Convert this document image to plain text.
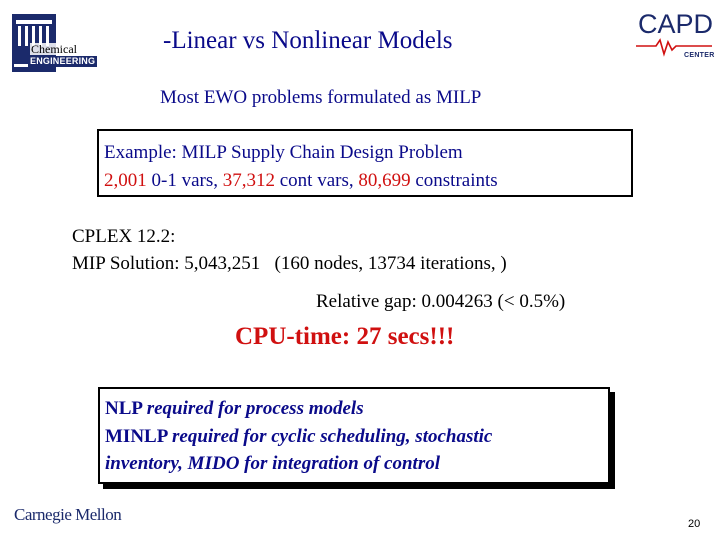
Chemical
ENGINEERING
CAPD
CENTER
-Linear vs Nonlinear Models
Most EWO problems formulated as MILP
Example: MILP Supply Chain Design Problem
2,001 0-1 vars, 37,312 cont vars, 80,699 constraints
CPLEX 12.2:
MIP Solution: 5,043,251   (160 nodes, 13734 iterations, )
Relative gap: 0.004263 (< 0.5%)
CPU-time: 27 secs!!!
NLP required for process models
MINLP required for cyclic scheduling, stochastic
inventory, MIDO for integration of control
Carnegie Mellon	20
